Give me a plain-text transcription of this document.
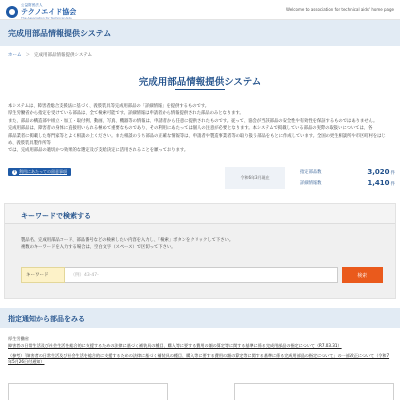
公益財団法人
テクノエイド協会
The Association for Technical Aids
Welcome to association for technical aids' home page
完成用部品情報提供システム
ホーム ＞ 完成用部品情報提供システム
完成用部品情報提供システム

本システムは、障害者総合支援法に基づく、義肢装具等完成用部品の「詳細情報」を提供するものです。

厚生労働省から指定を受けている部品は、全て検索可能です。詳細情報は申請者から情報提供された部品のみとなります。

また、部品の構造部や組立・加工・取付例、動画、写真、機器等の情報は、申請者から任意に提供されたものです。従って、協会が当該部品の安全性や有効性を保証するものではありません。

完成用部品は、障害者の身体に直接用いられる極めて重要なものであり、その利用にあたっては個人の注意が必要となります。本システムで掲載している部品の実際の取扱いについては、各

部品業者に掲載した専門家等とよく相談の上ください。また相談のうち部品の正確な情報等は、申請者や製造事業者等の取り扱う部品をもとに作成しています。全国の更生相談所や市区町村をはじめ、義肢装具製作所等

では、完成用部品の適切かつ効果的な選定及び支給決定に活用されることを願っております。

? 利用にあたっての留意事項
令和6年3月現在
指定部品数	3,020件
詳細情報数	1,410件
キーワードで検索する

製品名、完成用部品コード、部品番号などの検索したい内容を入力し、「検索」ボタンをクリックして下さい。

複数のキーワードを入力する場合は、空白文字（スペース）で区切って下さい。

キーワード
（例）43-47-	検索
指定通知から部品をみる
厚生労働省
障害者の日常生活及び社会生活を総合的に支援するための法律に基づく補装具の種目、購入等に要する費用の額の算定等に関する基準に係る完成用部品の指定について（R7.03.31）
（参考）「障害者の日常生活及び社会生活を総合的に支援するための法律に基づく補装具の種目、購入等に要する費用の額の算定等に関する基準に係る完成用部品の指定について」の一部改正について（令和7年5月26日付通知）
